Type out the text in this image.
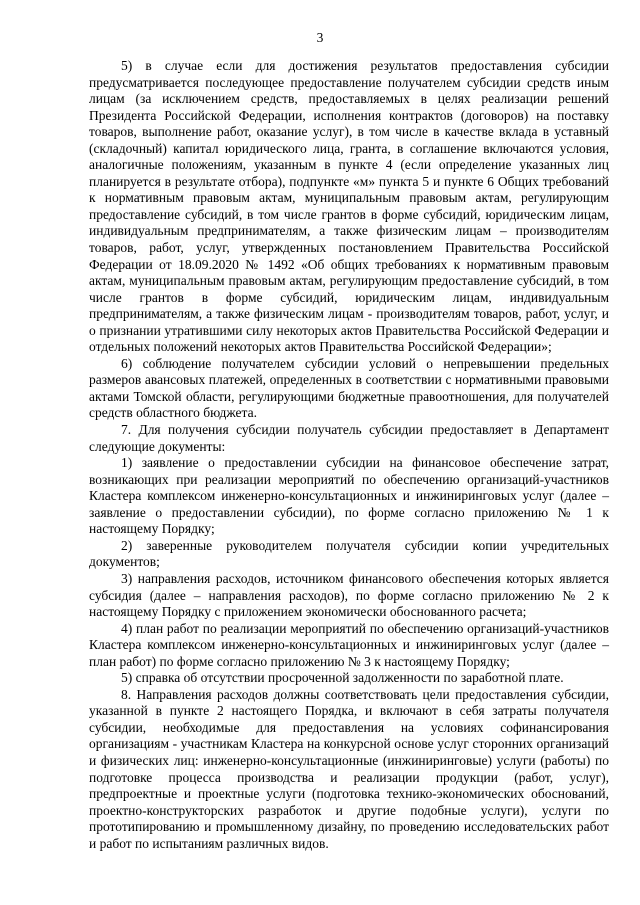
3

5) в случае если для достижения результатов предоставления субсидии предусматривается последующее предоставление получателем субсидии средств иным лицам (за исключением средств, предоставляемых в целях реализации решений Президента Российской Федерации, исполнения контрактов (договоров) на поставку товаров, выполнение работ, оказание услуг), в том числе в качестве вклада в уставный (складочный) капитал юридического лица, гранта, в соглашение включаются условия, аналогичные положениям, указанным в пункте 4 (если определение указанных лиц планируется в результате отбора), подпункте «м» пункта 5 и пункте 6 Общих требований к нормативным правовым актам, муниципальным правовым актам, регулирующим предоставление субсидий, в том числе грантов в форме субсидий, юридическим лицам, индивидуальным предпринимателям, а также физическим лицам – производителям товаров, работ, услуг, утвержденных постановлением Правительства Российской Федерации от 18.09.2020 № 1492 «Об общих требованиях к нормативным правовым актам, муниципальным правовым актам, регулирующим предоставление субсидий, в том числе грантов в форме субсидий, юридическим лицам, индивидуальным предпринимателям, а также физическим лицам - производителям товаров, работ, услуг, и о признании утратившими силу некоторых актов Правительства Российской Федерации и отдельных положений некоторых актов Правительства Российской Федерации»;

6) соблюдение получателем субсидии условий о непревышении предельных размеров авансовых платежей, определенных в соответствии с нормативными правовыми актами Томской области, регулирующими бюджетные правоотношения, для получателей средств областного бюджета.

7. Для получения субсидии получатель субсидии предоставляет в Департамент следующие документы:

1) заявление о предоставлении субсидии на финансовое обеспечение затрат, возникающих при реализации мероприятий по обеспечению организаций-участников Кластера комплексом инженерно-консультационных и инжиниринговых услуг (далее – заявление о предоставлении субсидии), по форме согласно приложению № 1 к настоящему Порядку;

2) заверенные руководителем получателя субсидии копии учредительных документов;

3) направления расходов, источником финансового обеспечения которых является субсидия (далее – направления расходов), по форме согласно приложению № 2 к настоящему Порядку с приложением экономически обоснованного расчета;

4) план работ по реализации мероприятий по обеспечению организаций-участников Кластера комплексом инженерно-консультационных и инжиниринговых услуг (далее – план работ) по форме согласно приложению № 3 к настоящему Порядку;

5) справка об отсутствии просроченной задолженности по заработной плате.

8. Направления расходов должны соответствовать цели предоставления субсидии, указанной в пункте 2 настоящего Порядка, и включают в себя затраты получателя субсидии, необходимые для предоставления на условиях софинансирования организациям - участникам Кластера на конкурсной основе услуг сторонних организаций и физических лиц: инженерно-консультационные (инжиниринговые) услуги (работы) по подготовке процесса производства и реализации продукции (работ, услуг), предпроектные и проектные услуги (подготовка технико-экономических обоснований, проектно-конструкторских разработок и другие подобные услуги), услуги по прототипированию и промышленному дизайну, по проведению исследовательских работ и работ по испытаниям различных видов.
